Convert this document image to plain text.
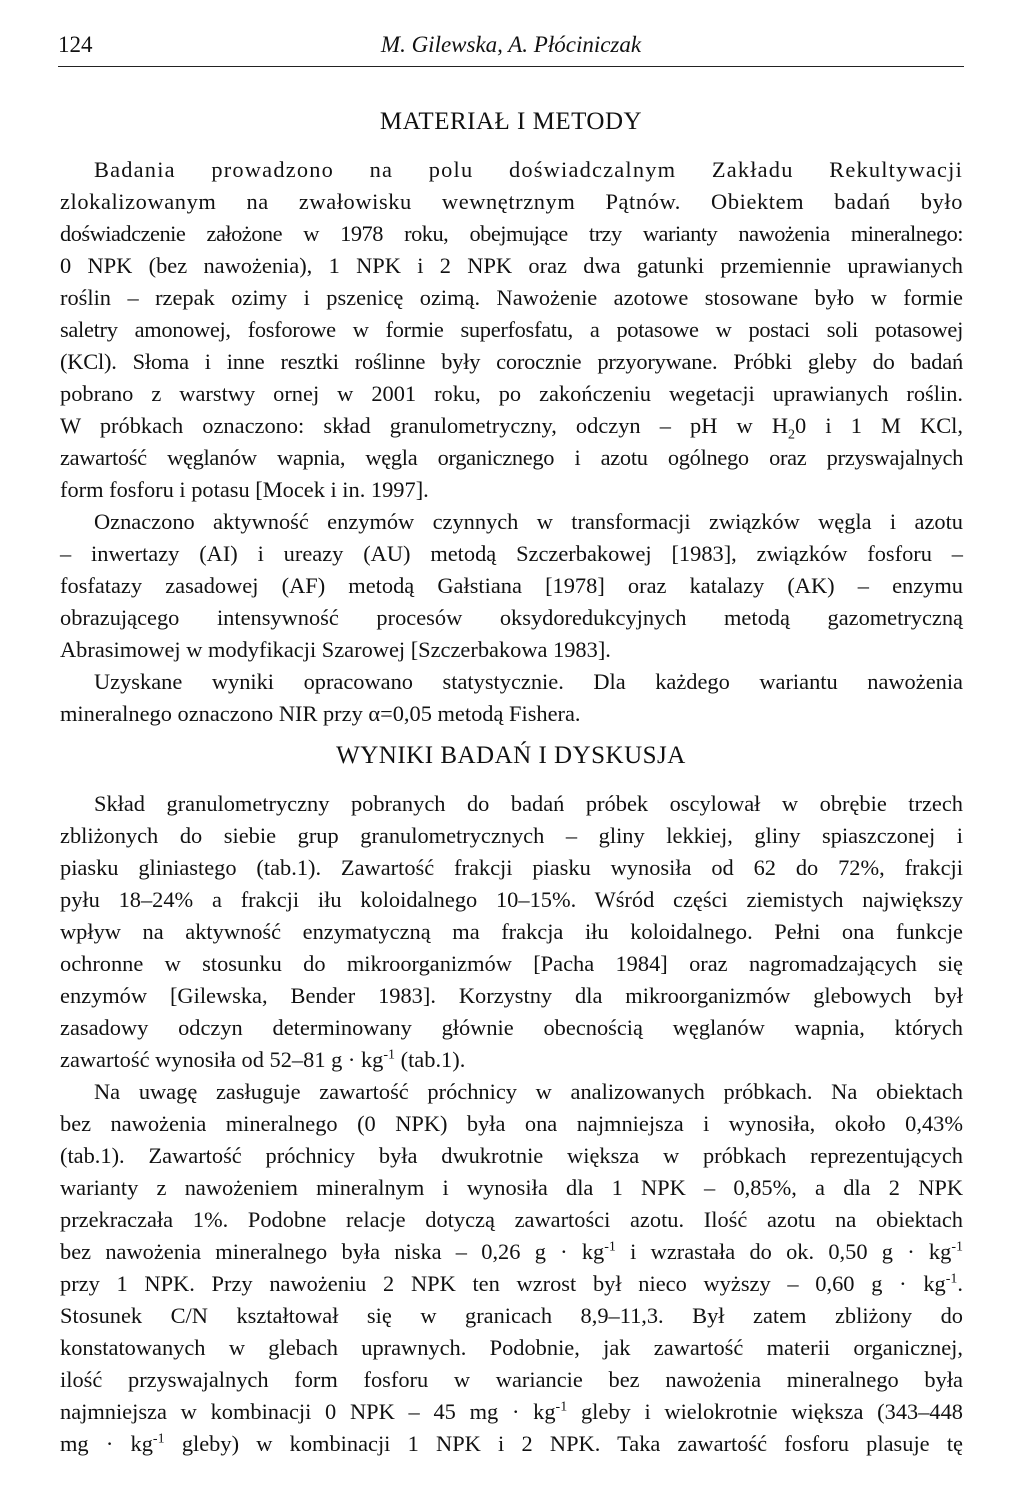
124	M. Gilewska, A. Płóciniczak
MATERIAŁ I METODY
Badania prowadzono na polu doświadczalnym Zakładu Rekultywacji
zlokalizowanym na zwałowisku wewnętrznym Pątnów. Obiektem badań było
doświadczenie założone w 1978 roku, obejmujące trzy warianty nawożenia mineralnego:
0 NPK (bez nawożenia), 1 NPK i 2 NPK oraz dwa gatunki przemiennie uprawianych
roślin – rzepak ozimy i pszenicę ozimą. Nawożenie azotowe stosowane było w formie
saletry amonowej, fosforowe w formie superfosfatu, a potasowe w postaci soli potasowej
(KCl). Słoma i inne resztki roślinne były corocznie przyorywane. Próbki gleby do badań
pobrano z warstwy ornej w 2001 roku, po zakończeniu wegetacji uprawianych roślin.
W próbkach oznaczono: skład granulometryczny, odczyn – pH w $H_20$ i 1 M KCl,
zawartość węglanów wapnia, węgla organicznego i azotu ogólnego oraz przyswajalnych
form fosforu i potasu [Mocek i in. 1997].
Oznaczono aktywność enzymów czynnych w transformacji związków węgla i azotu
– inwertazy (AI) i ureazy (AU) metodą Szczerbakowej [1983], związków fosforu –
fosfatazy zasadowej (AF) metodą Gałstiana [1978] oraz katalazy (AK) – enzymu
obrazującego intensywność procesów oksydoredukcyjnych metodą gazometryczną
Abrasimowej w modyfikacji Szarowej [Szczerbakowa 1983].
Uzyskane wyniki opracowano statystycznie. Dla każdego wariantu nawożenia
mineralnego oznaczono NIR przy α=0,05 metodą Fishera.
WYNIKI BADAŃ I DYSKUSJA
Skład granulometryczny pobranych do badań próbek oscylował w obrębie trzech
zbliżonych do siebie grup granulometrycznych – gliny lekkiej, gliny spiaszczonej i
piasku gliniastego (tab.1). Zawartość frakcji piasku wynosiła od 62 do 72%, frakcji
pyłu 18–24% a frakcji iłu koloidalnego 10–15%. Wśród części ziemistych największy
wpływ na aktywność enzymatyczną ma frakcja iłu koloidalnego. Pełni ona funkcje
ochronne w stosunku do mikroorganizmów [Pacha 1984] oraz nagromadzających się
enzymów [Gilewska, Bender 1983]. Korzystny dla mikroorganizmów glebowych był
zasadowy odczyn determinowany głównie obecnością węglanów wapnia, których
zawartość wynosiła od 52–81 $g \cdot kg^{-1}$ (tab.1).
Na uwagę zasługuje zawartość próchnicy w analizowanych próbkach. Na obiektach
bez nawożenia mineralnego (0 NPK) była ona najmniejsza i wynosiła, około 0,43%
(tab.1). Zawartość próchnicy była dwukrotnie większa w próbkach reprezentujących
warianty z nawożeniem mineralnym i wynosiła dla 1 NPK – 0,85%, a dla 2 NPK
przekraczała 1%. Podobne relacje dotyczą zawartości azotu. Ilość azotu na obiektach
bez nawożenia mineralnego była niska – 0,26 $g \cdot kg^{-1}$ i wzrastała do ok. 0,50 $g \cdot kg^{-1}$
przy 1 NPK. Przy nawożeniu 2 NPK ten wzrost był nieco wyższy – 0,60 $g \cdot kg^{-1}$.
Stosunek C/N kształtował się w granicach 8,9–11,3. Był zatem zbliżony do
konstatowanych w glebach uprawnych. Podobnie, jak zawartość materii organicznej,
ilość przyswajalnych form fosforu w wariancie bez nawożenia mineralnego była
najmniejsza w kombinacji 0 NPK – 45 mg · $kg^{-1}$ gleby i wielokrotnie większa (343–448
mg · $kg^{-1}$ gleby) w kombinacji 1 NPK i 2 NPK. Taka zawartość fosforu plasuje tę
